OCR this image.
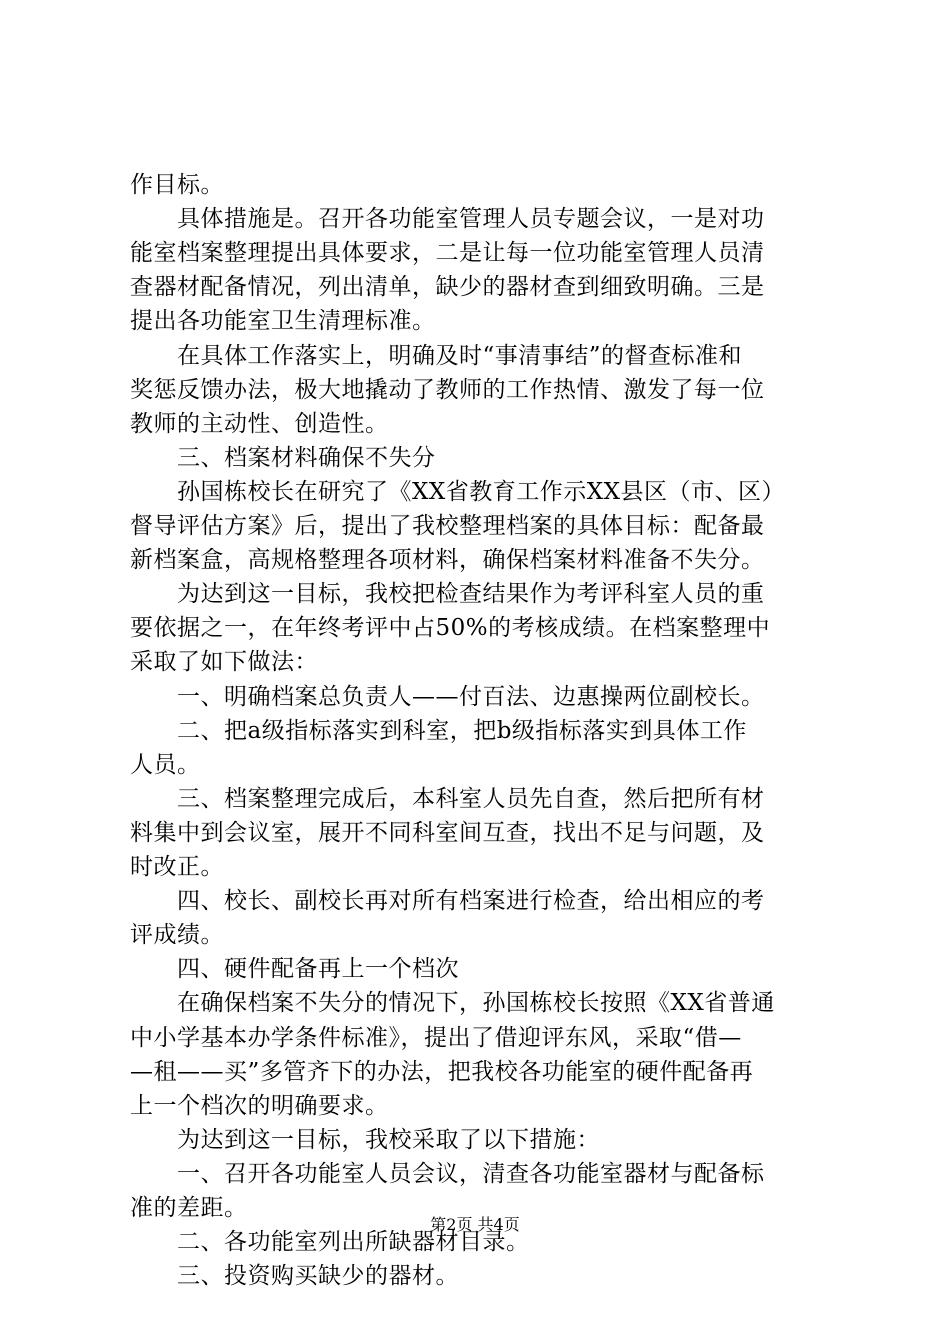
作目标。
　　具体措施是。召开各功能室管理人员专题会议，一是对功
能室档案整理提出具体要求，二是让每一位功能室管理人员清
查器材配备情况，列出清单，缺少的器材查到细致明确。三是
提出各功能室卫生清理标准。
　　在具体工作落实上，明确及时“事清事结”的督查标准和
奖惩反馈办法，极大地撬动了教师的工作热情、激发了每一位
教师的主动性、创造性。
　　三、档案材料确保不失分
　　孙国栋校长在研究了《XX省教育工作示XX县区（市、区）
督导评估方案》后，提出了我校整理档案的具体目标：配备最
新档案盒，高规格整理各项材料，确保档案材料准备不失分。
　　为达到这一目标，我校把检查结果作为考评科室人员的重
要依据之一，在年终考评中占50%的考核成绩。在档案整理中
采取了如下做法：
　　一、明确档案总负责人——付百法、边惠操两位副校长。
　　二、把a级指标落实到科室，把b级指标落实到具体工作
人员。
　　三、档案整理完成后，本科室人员先自查，然后把所有材
料集中到会议室，展开不同科室间互查，找出不足与问题，及
时改正。
　　四、校长、副校长再对所有档案进行检查，给出相应的考
评成绩。
　　四、硬件配备再上一个档次
　　在确保档案不失分的情况下，孙国栋校长按照《XX省普通
中小学基本办学条件标准》，提出了借迎评东风，采取“借—
—租——买”多管齐下的办法，把我校各功能室的硬件配备再
上一个档次的明确要求。
　　为达到这一目标，我校采取了以下措施：
　　一、召开各功能室人员会议，清查各功能室器材与配备标
准的差距。
　　二、各功能室列出所缺器材目录。
　　三、投资购买缺少的器材。
第2页 共4页
